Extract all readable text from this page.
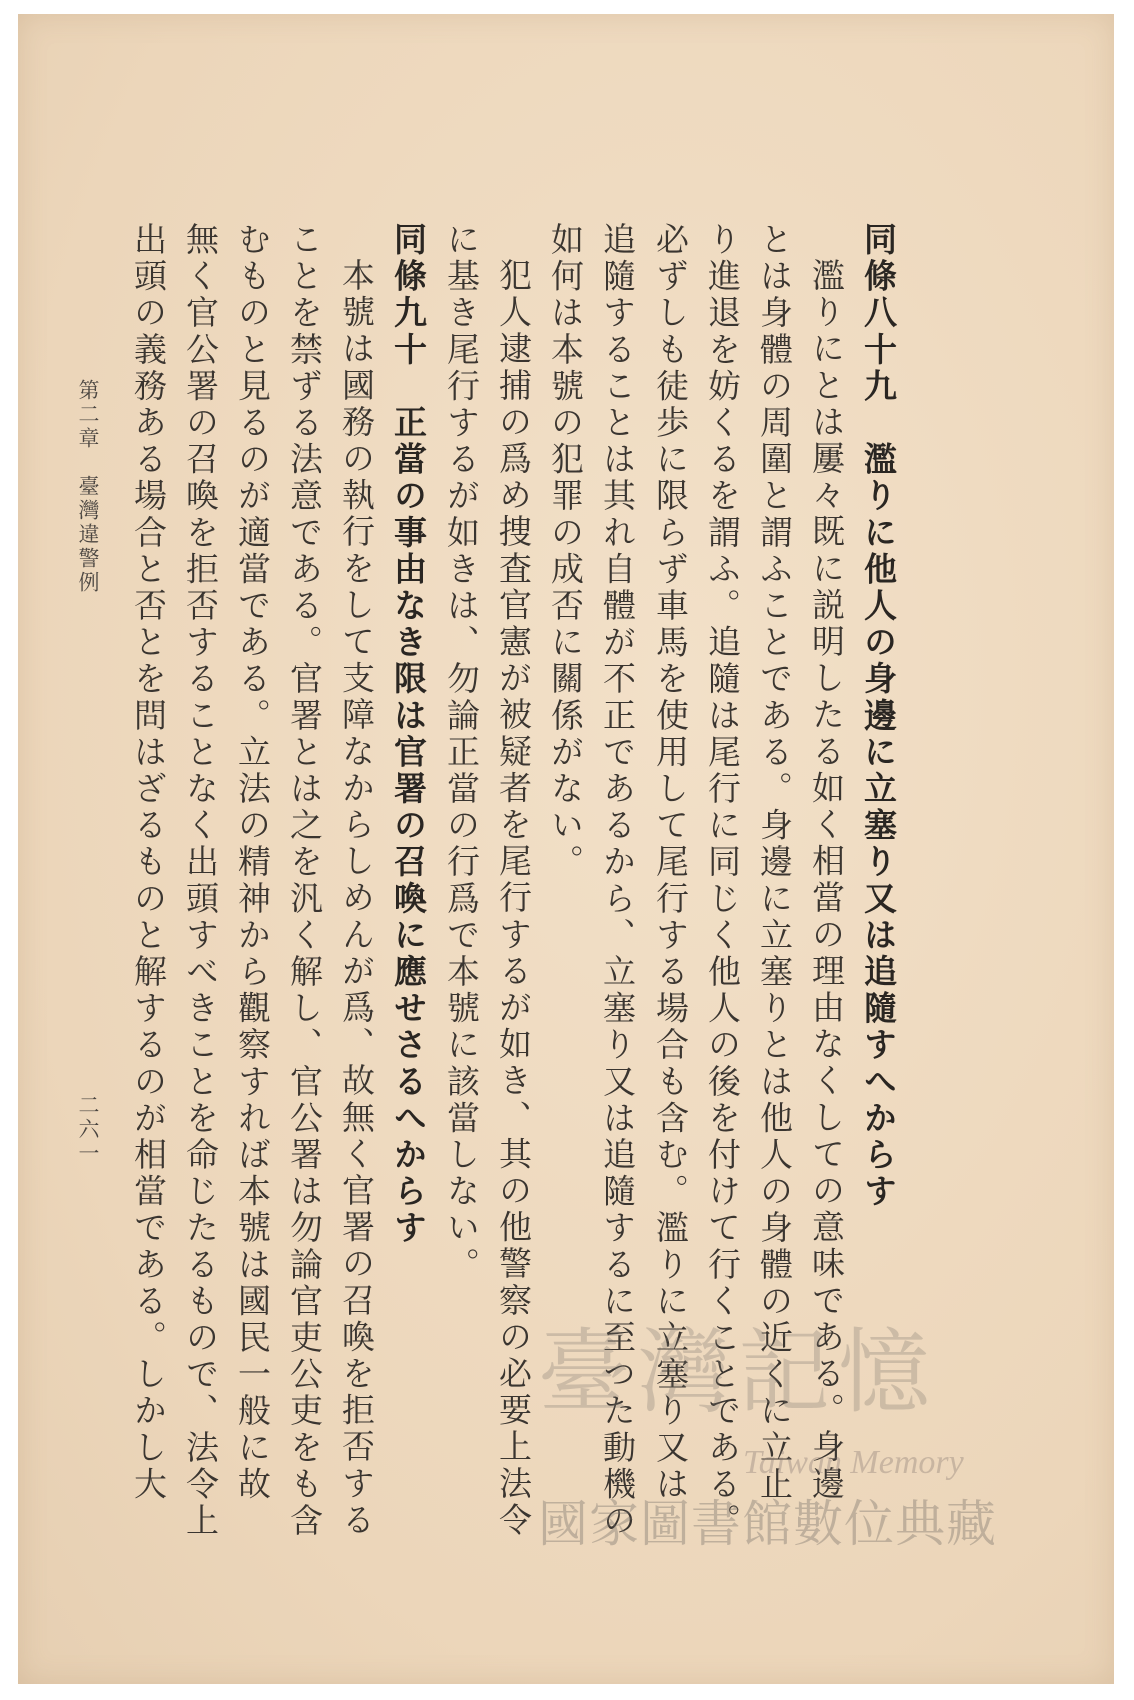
同條八十九　濫りに他人の身邊に立塞り又は追隨すへからす
濫りにとは屢々既に説明したる如く相當の理由なくしての意味である。身邊
とは身體の周圍と謂ふことである。身邊に立塞りとは他人の身體の近くに立止
り進退を妨くるを謂ふ。追隨は尾行に同じく他人の後を付けて行くことである。
必ずしも徒歩に限らず車馬を使用して尾行する場合も含む。濫りに立塞り又は
追隨することは其れ自體が不正であるから、立塞り又は追隨するに至つた動機の
如何は本號の犯罪の成否に關係がない。
犯人逮捕の爲め捜査官憲が被疑者を尾行するが如き、其の他警察の必要上法令
に基き尾行するが如きは、勿論正當の行爲で本號に該當しない。
同條九十　正當の事由なき限は官署の召喚に應せさるへからす
本號は國務の執行をして支障なからしめんが爲、故無く官署の召喚を拒否する
ことを禁ずる法意である。官署とは之を汎く解し、官公署は勿論官吏公吏をも含
むものと見るのが適當である。立法の精神から觀察すれば本號は國民一般に故
無く官公署の召喚を拒否することなく出頭すべきことを命じたるもので、法令上
出頭の義務ある場合と否とを問はざるものと解するのが相當である。しかし大
第二章　臺灣違警例
二六一
臺灣記憶
Taiwan Memory
國家圖書館數位典藏
